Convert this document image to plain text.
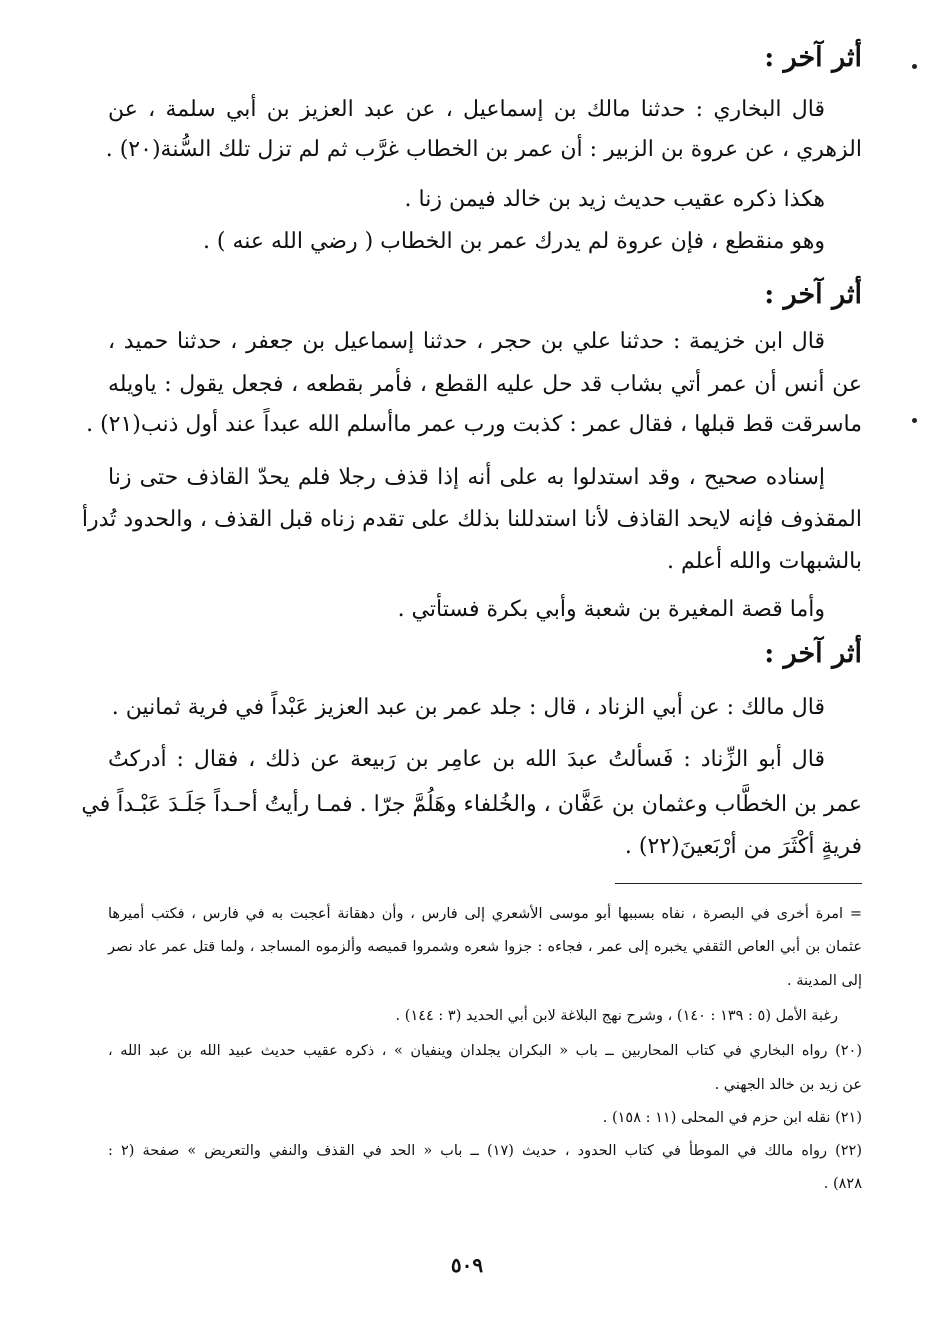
أثر آخر :
قال البخاري : حدثنا مالك بن إسماعيل ، عن عبد العزيز بن أبي سلمة ، عن
الزهري ، عن عروة بن الزبير : أن عمر بن الخطاب غرَّب ثم لم تزل تلك السُّنة(٢٠) .
هكذا ذكره عقيب حديث زيد بن خالد فيمن زنا .
وهو منقطع ، فإن عروة لم يدرك عمر بن الخطاب ( رضي الله عنه ) .
أثر آخر :
قال ابن خزيمة : حدثنا علي بن حجر ، حدثنا إسماعيل بن جعفر ، حدثنا حميد ،
عن أنس أن عمر أتي بشاب قد حل عليه القطع ، فأمر بقطعه ، فجعل يقول : ياويله
ماسرقت قط قبلها ، فقال عمر : كذبت ورب عمر ماأسلم الله عبداً عند أول ذنب(٢١) .
إسناده صحيح ، وقد استدلوا به على أنه إذا قذف رجلا فلم يحدّ القاذف حتى زنا
المقذوف فإنه لايحد القاذف لأنا استدللنا بذلك على تقدم زناه قبل القذف ، والحدود تُدرأ
بالشبهات والله أعلم .
وأما قصة المغيرة بن شعبة وأبي بكرة فستأتي .
أثر آخر :
قال مالك : عن أبي الزناد ، قال : جلد عمر بن عبد العزيز عَبْداً في فرية ثمانين .
قال أبو الزِّناد : فَسألتُ عبدَ الله بن عامِر بن رَبيعة عن ذلك ، فقال : أدركتُ
عمر بن الخطَّاب وعثمان بن عَفَّان ، والخُلفاء وهَلُمَّ جرّا . فمـا رأيتُ أحـداً جَلَـدَ عَبْـداً في
فريةٍ أكْثَرَ من أرْبَعينَ(٢٢) .
= امرة أخرى في البصرة ، نفاه بسببها أبو موسى الأشعري إلى فارس ، وأن دهقانة أعجبت به في فارس ، فكتب أميرها
عثمان بن أبي العاص الثقفي يخبره إلى عمر ، فجاءه : جزوا شعره وشمروا قميصه وألزموه المساجد ، ولما قتل عمر عاد نصر
إلى المدينة .
رغبة الأمل (٥ : ١٣٩ : ١٤٠) ، وشرح نهج البلاغة لابن أبي الحديد (٣ : ١٤٤) .
(٢٠) رواه البخاري في كتاب المحاربين ــ باب « البكران يجلدان وينفيان » ، ذكره عقيب حديث عبيد الله بن عبد الله ،
عن زيد بن خالد الجهني .
(٢١) نقله ابن حزم في المحلى (١١ : ١٥٨) .
(٢٢) رواه مالك في الموطأ في كتاب الحدود ، حديث (١٧) ــ باب « الحد في القذف والنفي والتعريض » صفحة (٢ :
٨٢٨) .
٥٠٩
